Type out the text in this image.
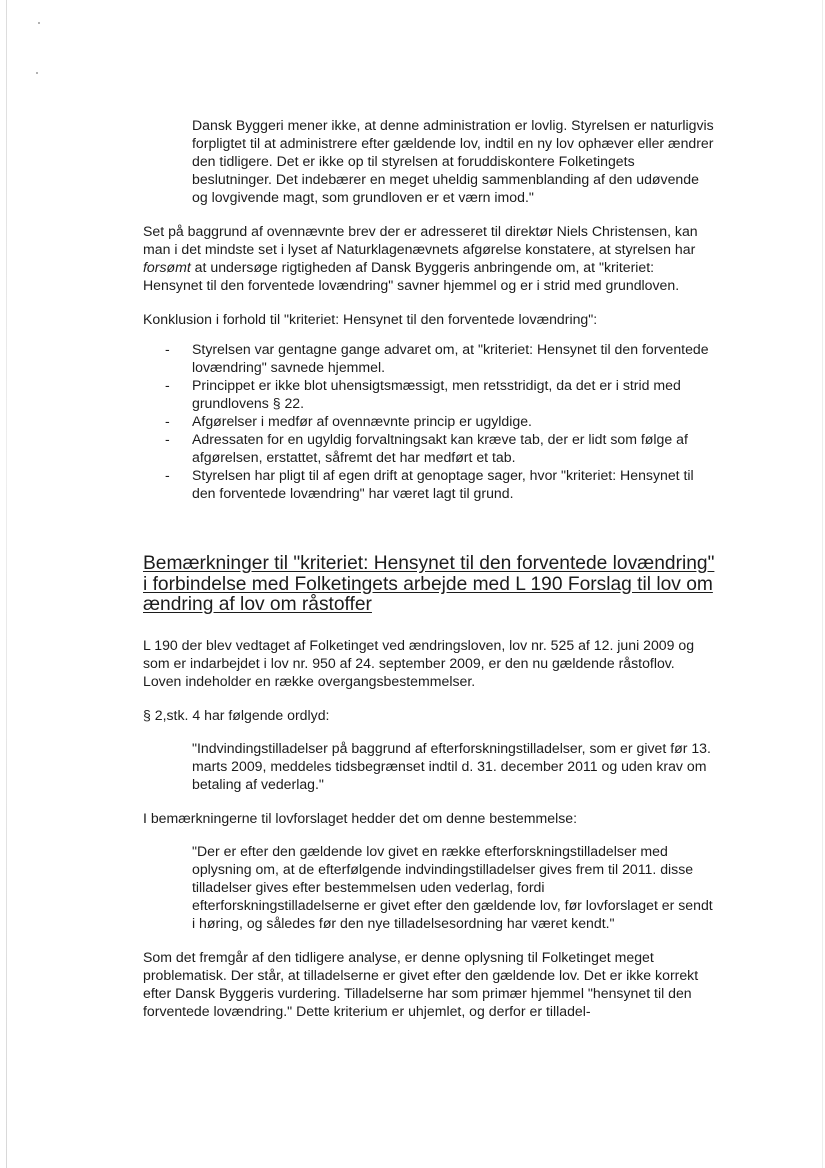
Dansk Byggeri mener ikke, at denne administration er lovlig. Styrelsen er naturligvis forpligtet til at administrere efter gældende lov, indtil en ny lov ophæver eller ændrer den tidligere. Det er ikke op til styrelsen at foruddiskontere Folketingets beslutninger. Det indebærer en meget uheldig sammenblanding af den udøvende og lovgivende magt, som grundloven er et værn imod."

Set på baggrund af ovennævnte brev der er adresseret til direktør Niels Christensen, kan man i det mindste set i lyset af Naturklagenævnets afgørelse konstatere, at styrelsen har forsømt at undersøge rigtigheden af Dansk Byggeris anbringende om, at "kriteriet: Hensynet til den forventede lovændring" savner hjemmel og er i strid med grundloven.

Konklusion i forhold til "kriteriet: Hensynet til den forventede lovændring":

- Styrelsen var gentagne gange advaret om, at "kriteriet: Hensynet til den forventede lovændring" savnede hjemmel.
- Princippet er ikke blot uhensigtsmæssigt, men retsstridigt, da det er i strid med grundlovens § 22.
- Afgørelser i medfør af ovennævnte princip er ugyldige.
- Adressaten for en ugyldig forvaltningsakt kan kræve tab, der er lidt som følge af afgørelsen, erstattet, såfremt det har medført et tab.
- Styrelsen har pligt til af egen drift at genoptage sager, hvor "kriteriet: Hensynet til den forventede lovændring" har været lagt til grund.
Bemærkninger til "kriteriet: Hensynet til den forventede lovændring" i forbindelse med Folketingets arbejde med L 190 Forslag til lov om ændring af lov om råstoffer

L 190 der blev vedtaget af Folketinget ved ændringsloven, lov nr. 525 af 12. juni 2009 og som er indarbejdet i lov nr. 950 af 24. september 2009, er den nu gældende råstoflov. Loven indeholder en række overgangsbestemmelser.

§ 2,stk. 4 har følgende ordlyd:

"Indvindingstilladelser på baggrund af efterforskningstilladelser, som er givet før 13. marts 2009, meddeles tidsbegrænset indtil d. 31. december 2011 og uden krav om betaling af vederlag."

I bemærkningerne til lovforslaget hedder det om denne bestemmelse:

"Der er efter den gældende lov givet en række efterforskningstilladelser med oplysning om, at de efterfølgende indvindingstilladelser gives frem til 2011. disse tilladelser gives efter bestemmelsen uden vederlag, fordi efterforskningstilladelserne er givet efter den gældende lov, før lovforslaget er sendt i høring, og således før den nye tilladelsesordning har været kendt."

Som det fremgår af den tidligere analyse, er denne oplysning til Folketinget meget problematisk. Der står, at tilladelserne er givet efter den gældende lov. Det er ikke korrekt efter Dansk Byggeris vurdering. Tilladelserne har som primær hjemmel "hensynet til den forventede lovændring." Dette kriterium er uhjemlet, og derfor er tilladel-
